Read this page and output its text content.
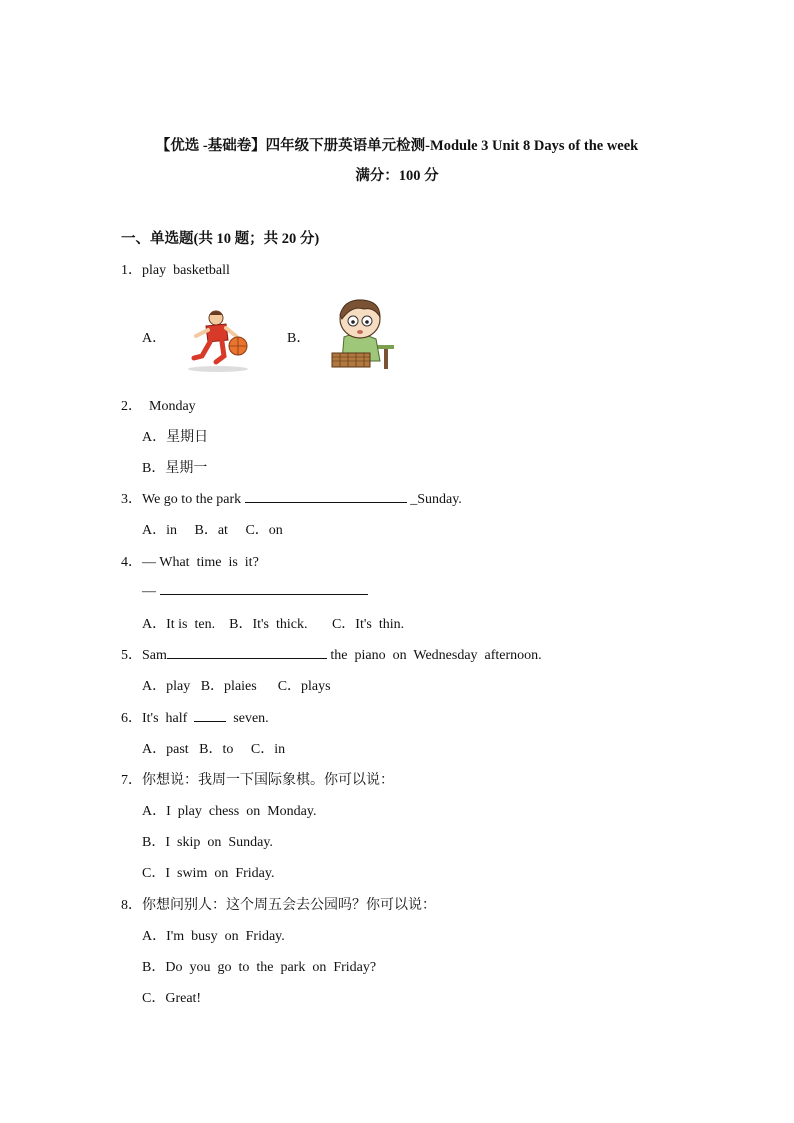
【优选 -基础卷】四年级下册英语单元检测-Module 3 Unit 8 Days of the week
满分：100 分
一、单选题(共 10 题；共 20 分)
1．play  basketball
A．	B．
2．  Monday
A．星期日
B．星期一
3．We go to the park	_Sunday.
A．in     B．at     C．on
4．— What  time  is  it?
—
A．It is  ten.    B．It's  thick.       C．It's  thin.
5．Sam	the  piano  on  Wednesday  afternoon.
A．play   B．plaies      C．plays
6．It's  half    seven.
A．past   B．to     C．in
7．你想说：我周一下国际象棋。你可以说：
A．I  play  chess  on  Monday.
B．I  skip  on  Sunday.
C．I  swim  on  Friday.
8．你想问别人：这个周五会去公园吗？你可以说：
A．I'm  busy  on  Friday.
B．Do  you  go  to  the  park  on  Friday?
C．Great!
